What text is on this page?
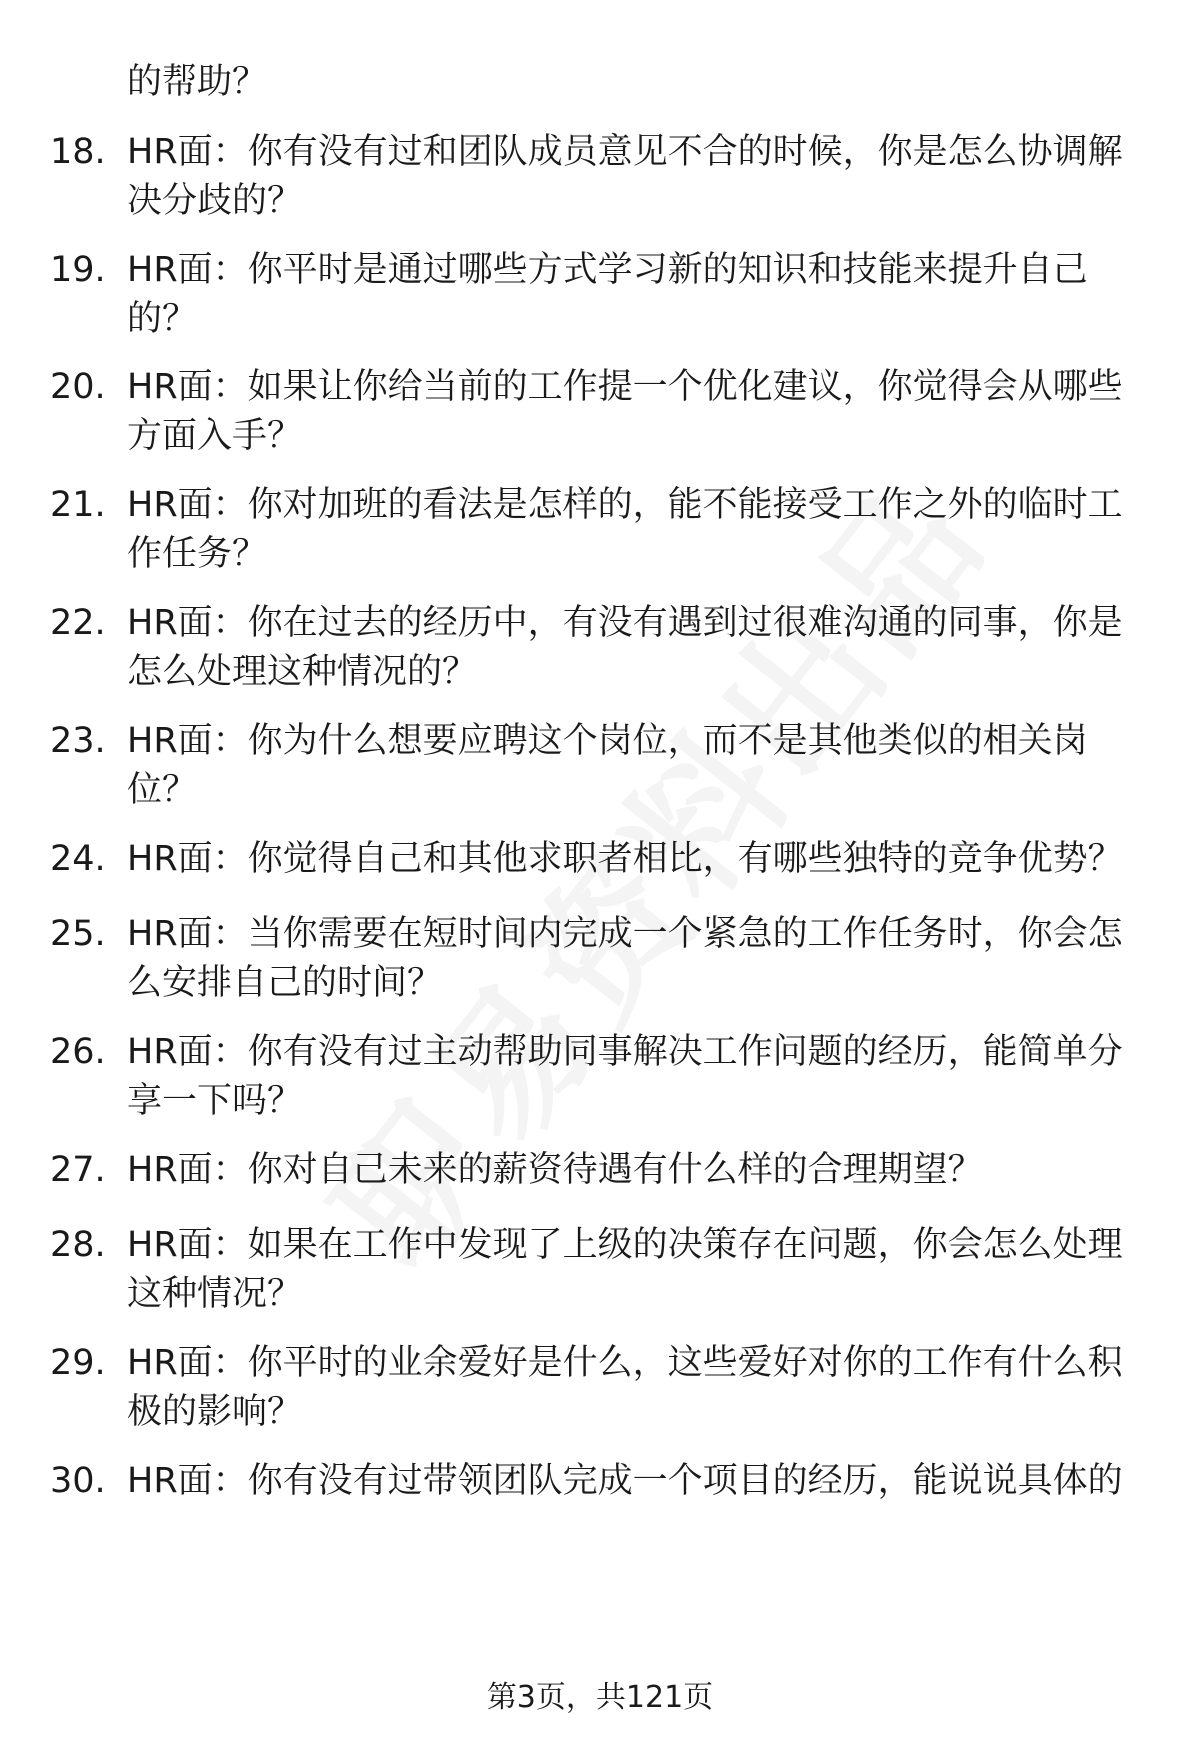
的帮助？

18. HR面：你有没有过和团队成员意见不合的时候，你是怎么协调解决分歧的？
19. HR面：你平时是通过哪些方式学习新的知识和技能来提升自己的？
20. HR面：如果让你给当前的工作提一个优化建议，你觉得会从哪些方面入手？
21. HR面：你对加班的看法是怎样的，能不能接受工作之外的临时工作任务？
22. HR面：你在过去的经历中，有没有遇到过很难沟通的同事，你是怎么处理这种情况的？
23. HR面：你为什么想要应聘这个岗位，而不是其他类似的相关岗位？
24. HR面：你觉得自己和其他求职者相比，有哪些独特的竞争优势？
25. HR面：当你需要在短时间内完成一个紧急的工作任务时，你会怎么安排自己的时间？
26. HR面：你有没有过主动帮助同事解决工作问题的经历，能简单分享一下吗？
27. HR面：你对自己未来的薪资待遇有什么样的合理期望？
28. HR面：如果在工作中发现了上级的决策存在问题，你会怎么处理这种情况？
29. HR面：你平时的业余爱好是什么，这些爱好对你的工作有什么积极的影响？
30. HR面：你有没有过带领团队完成一个项目的经历，能说说具体的
第3页，共121页
